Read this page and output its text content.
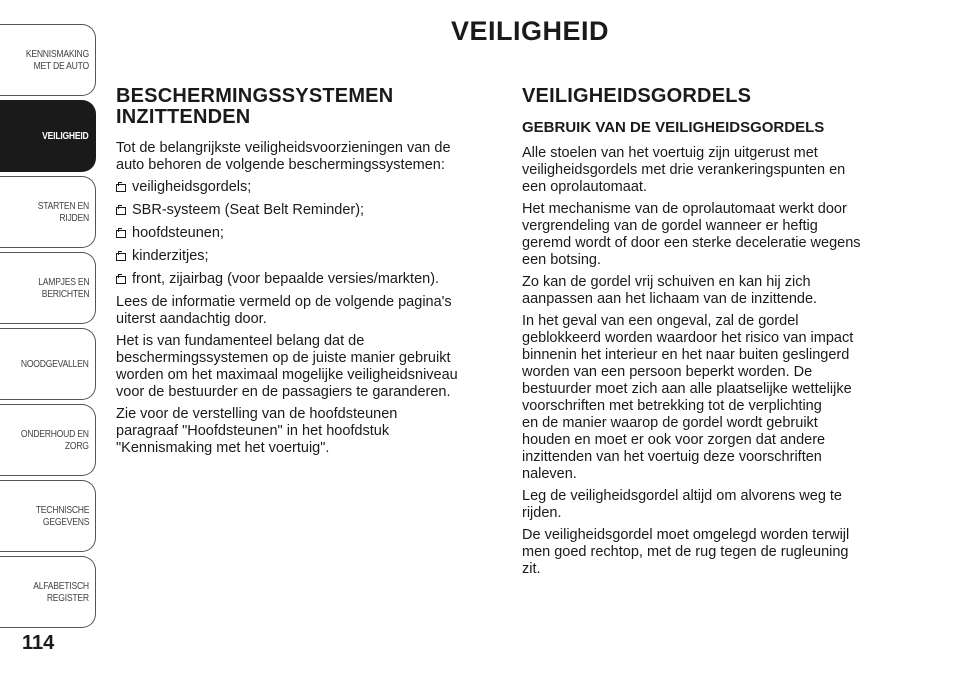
KENNISMAKING
MET DE AUTO
VEILIGHEID
STARTEN EN RIJDEN
LAMPJES EN
BERICHTEN
NOODGEVALLEN
ONDERHOUD EN
ZORG
TECHNISCHE
GEGEVENS
ALFABETISCH
REGISTER
114
VEILIGHEID
BESCHERMINGSSYSTEMEN
INZITTENDEN

Tot de belangrijkste veiligheidsvoorzieningen van de
auto behoren de volgende beschermingssystemen:

veiligheidsgordels;
SBR-systeem (Seat Belt Reminder);
hoofdsteunen;
kinderzitjes;
front, zijairbag (voor bepaalde versies/markten).

Lees de informatie vermeld op de volgende pagina's
uiterst aandachtig door.

Het is van fundamenteel belang dat de
beschermingssystemen op de juiste manier gebruikt
worden om het maximaal mogelijke veiligheidsniveau
voor de bestuurder en de passagiers te garanderen.

Zie voor de verstelling van de hoofdsteunen
paragraaf "Hoofdsteunen" in het hoofdstuk
"Kennismaking met het voertuig".

VEILIGHEIDSGORDELS
GEBRUIK VAN DE VEILIGHEIDSGORDELS

Alle stoelen van het voertuig zijn uitgerust met
veiligheidsgordels met drie verankeringspunten en
een oprolautomaat.

Het mechanisme van de oprolautomaat werkt door
vergrendeling van de gordel wanneer er heftig
geremd wordt of door een sterke deceleratie wegens
een botsing.

Zo kan de gordel vrij schuiven en kan hij zich
aanpassen aan het lichaam van de inzittende.

In het geval van een ongeval, zal de gordel
geblokkeerd worden waardoor het risico van impact
binnenin het interieur en het naar buiten geslingerd
worden van een persoon beperkt worden. De
bestuurder moet zich aan alle plaatselijke wettelijke
voorschriften met betrekking tot de verplichting
en de manier waarop de gordel wordt gebruikt
houden en moet er ook voor zorgen dat andere
inzittenden van het voertuig deze voorschriften
naleven.

Leg de veiligheidsgordel altijd om alvorens weg te
rijden.

De veiligheidsgordel moet omgelegd worden terwijl
men goed rechtop, met de rug tegen de rugleuning
zit.
